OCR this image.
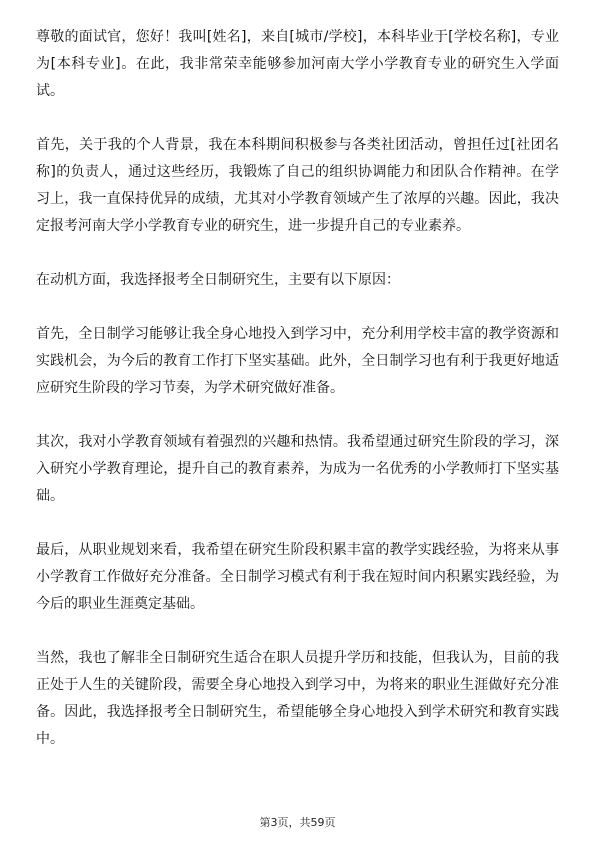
尊敬的面试官，您好！我叫[姓名]，来自[城市/学校]，本科毕业于[学校名称]，专业为[本科专业]。在此，我非常荣幸能够参加河南大学小学教育专业的研究生入学面试。

首先，关于我的个人背景，我在本科期间积极参与各类社团活动，曾担任过[社团名称]的负责人，通过这些经历，我锻炼了自己的组织协调能力和团队合作精神。在学习上，我一直保持优异的成绩，尤其对小学教育领域产生了浓厚的兴趣。因此，我决定报考河南大学小学教育专业的研究生，进一步提升自己的专业素养。

在动机方面，我选择报考全日制研究生，主要有以下原因：

首先，全日制学习能够让我全身心地投入到学习中，充分利用学校丰富的教学资源和实践机会，为今后的教育工作打下坚实基础。此外，全日制学习也有利于我更好地适应研究生阶段的学习节奏，为学术研究做好准备。

其次，我对小学教育领域有着强烈的兴趣和热情。我希望通过研究生阶段的学习，深入研究小学教育理论，提升自己的教育素养，为成为一名优秀的小学教师打下坚实基础。

最后，从职业规划来看，我希望在研究生阶段积累丰富的教学实践经验，为将来从事小学教育工作做好充分准备。全日制学习模式有利于我在短时间内积累实践经验，为今后的职业生涯奠定基础。

当然，我也了解非全日制研究生适合在职人员提升学历和技能，但我认为，目前的我正处于人生的关键阶段，需要全身心地投入到学习中，为将来的职业生涯做好充分准备。因此，我选择报考全日制研究生，希望能够全身心地投入到学术研究和教育实践中。

第3页，共59页
